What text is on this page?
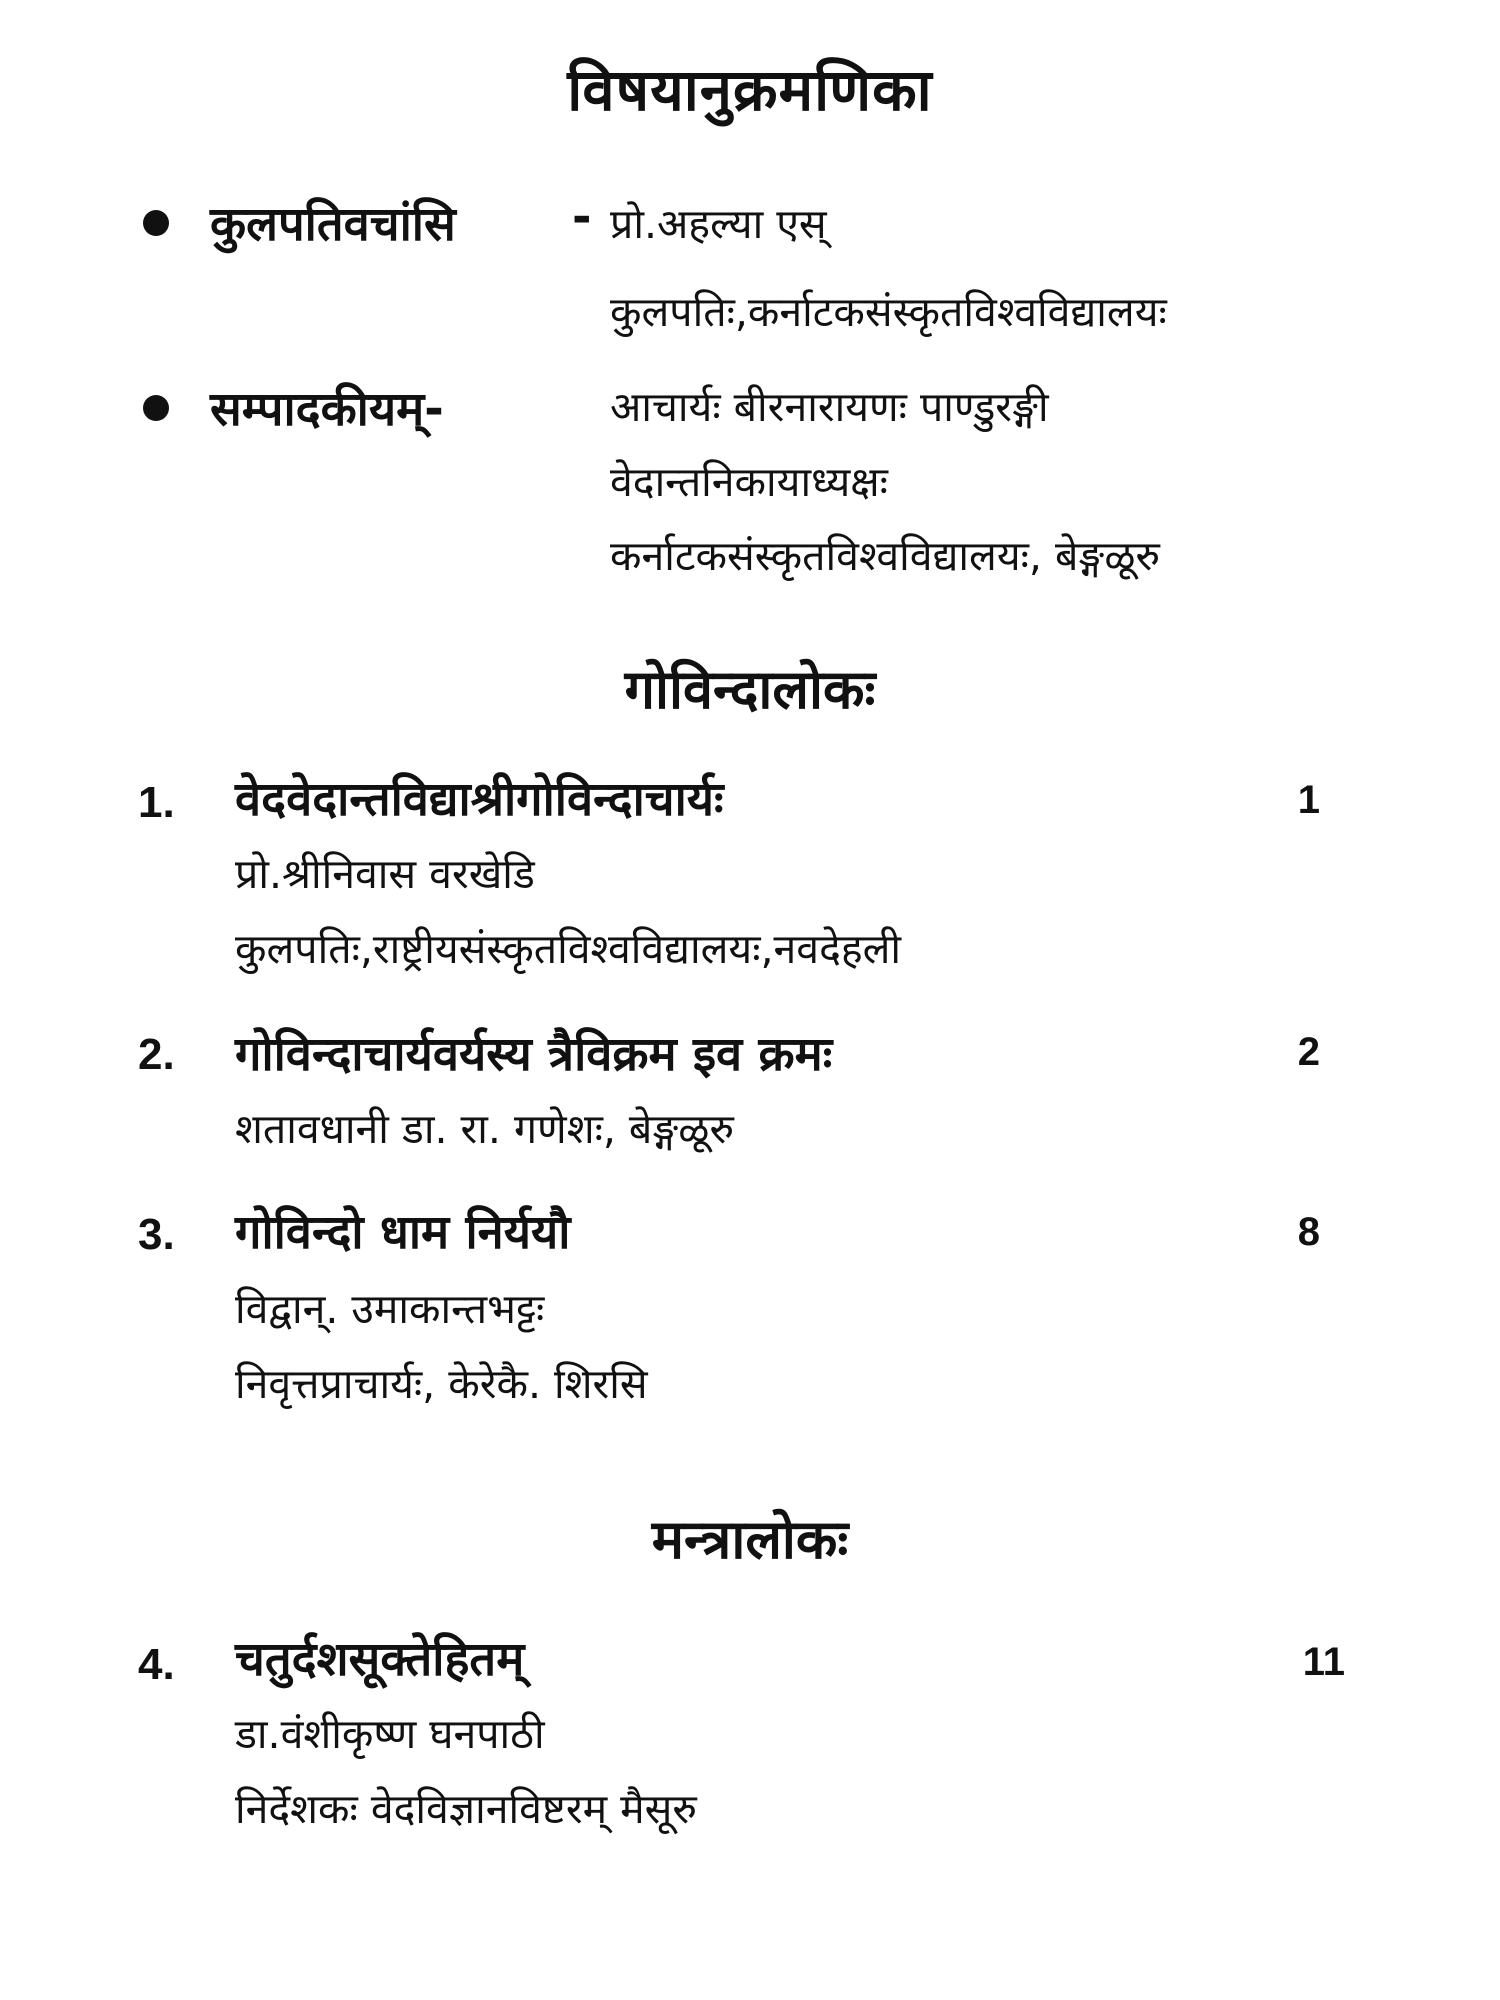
विषयानुक्रमणिका
कुलपतिवचांसि - प्रो.अहल्या एस्
कुलपतिः,कर्नाटकसंस्कृतविश्वविद्यालयः
सम्पादकीयम्-	आचार्यः बीरनारायणः पाण्डुरङ्गी
वेदान्तनिकायाध्यक्षः
कर्नाटकसंस्कृतविश्वविद्यालयः, बेङ्गळूरु
गोविन्दालोकः
1. वेदवेदान्तविद्याश्रीगोविन्दाचार्यः	1
प्रो.श्रीनिवास वरखेडि
कुलपतिः,राष्ट्रीयसंस्कृतविश्वविद्यालयः,नवदेहली
2. गोविन्दाचार्यवर्यस्य त्रैविक्रम इव क्रमः	2
शतावधानी डा. रा. गणेशः, बेङ्गळूरु
3. गोविन्दो धाम निर्ययौ	8
विद्वान्. उमाकान्तभट्टः
निवृत्तप्राचार्यः, केरेकै. शिरसि
मन्त्रालोकः
4. चतुर्दशसूक्तेहितम्	11
डा.वंशीकृष्ण घनपाठी
निर्देशकः वेदविज्ञानविष्टरम् मैसूरु
